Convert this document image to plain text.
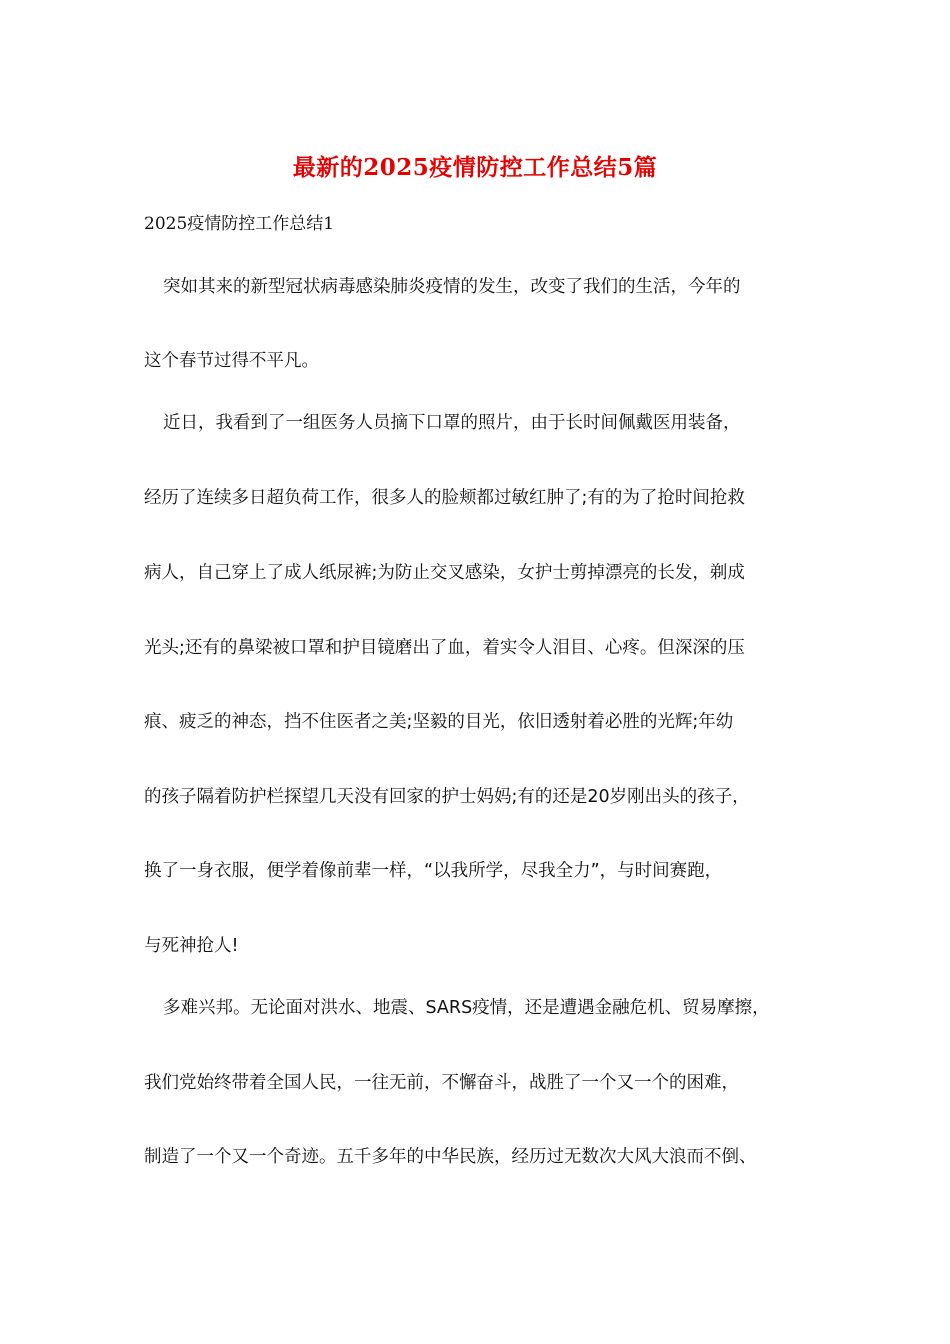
最新的2025疫情防控工作总结5篇
2025疫情防控工作总结1
突如其来的新型冠状病毒感染肺炎疫情的发生，改变了我们的生活，今年的
这个春节过得不平凡。
近日，我看到了一组医务人员摘下口罩的照片，由于长时间佩戴医用装备，
经历了连续多日超负荷工作，很多人的脸颊都过敏红肿了;有的为了抢时间抢救
病人，自己穿上了成人纸尿裤;为防止交叉感染，女护士剪掉漂亮的长发，剃成
光头;还有的鼻梁被口罩和护目镜磨出了血，着实令人泪目、心疼。但深深的压
痕、疲乏的神态，挡不住医者之美;坚毅的目光，依旧透射着必胜的光辉;年幼
的孩子隔着防护栏探望几天没有回家的护士妈妈;有的还是20岁刚出头的孩子，
换了一身衣服，便学着像前辈一样，“以我所学，尽我全力”，与时间赛跑，
与死神抢人!
多难兴邦。无论面对洪水、地震、SARS疫情，还是遭遇金融危机、贸易摩擦，
我们党始终带着全国人民，一往无前，不懈奋斗，战胜了一个又一个的困难，
制造了一个又一个奇迹。五千多年的中华民族，经历过无数次大风大浪而不倒、
